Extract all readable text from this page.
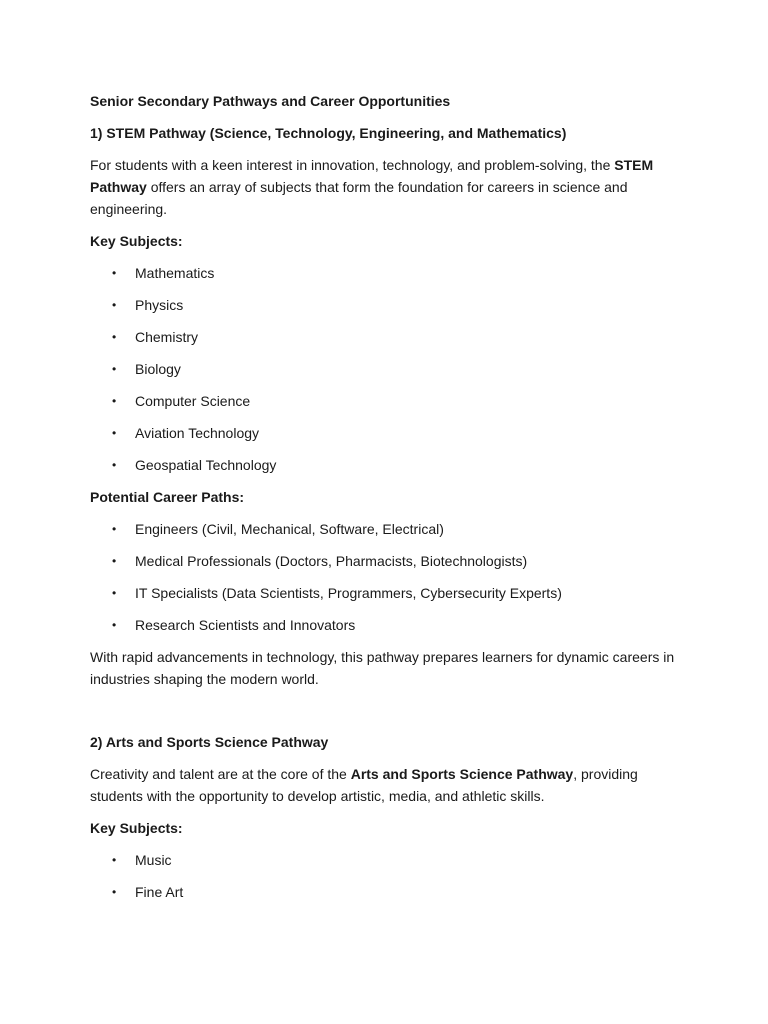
Senior Secondary Pathways and Career Opportunities
1) STEM Pathway (Science, Technology, Engineering, and Mathematics)

For students with a keen interest in innovation, technology, and problem-solving, the STEM Pathway offers an array of subjects that form the foundation for careers in science and engineering.

Key Subjects:
• Mathematics
• Physics
• Chemistry
• Biology
• Computer Science
• Aviation Technology
• Geospatial Technology
Potential Career Paths:
• Engineers (Civil, Mechanical, Software, Electrical)
• Medical Professionals (Doctors, Pharmacists, Biotechnologists)
• IT Specialists (Data Scientists, Programmers, Cybersecurity Experts)
• Research Scientists and Innovators

With rapid advancements in technology, this pathway prepares learners for dynamic careers in industries shaping the modern world.

2) Arts and Sports Science Pathway

Creativity and talent are at the core of the Arts and Sports Science Pathway, providing students with the opportunity to develop artistic, media, and athletic skills.

Key Subjects:
• Music
• Fine Art
